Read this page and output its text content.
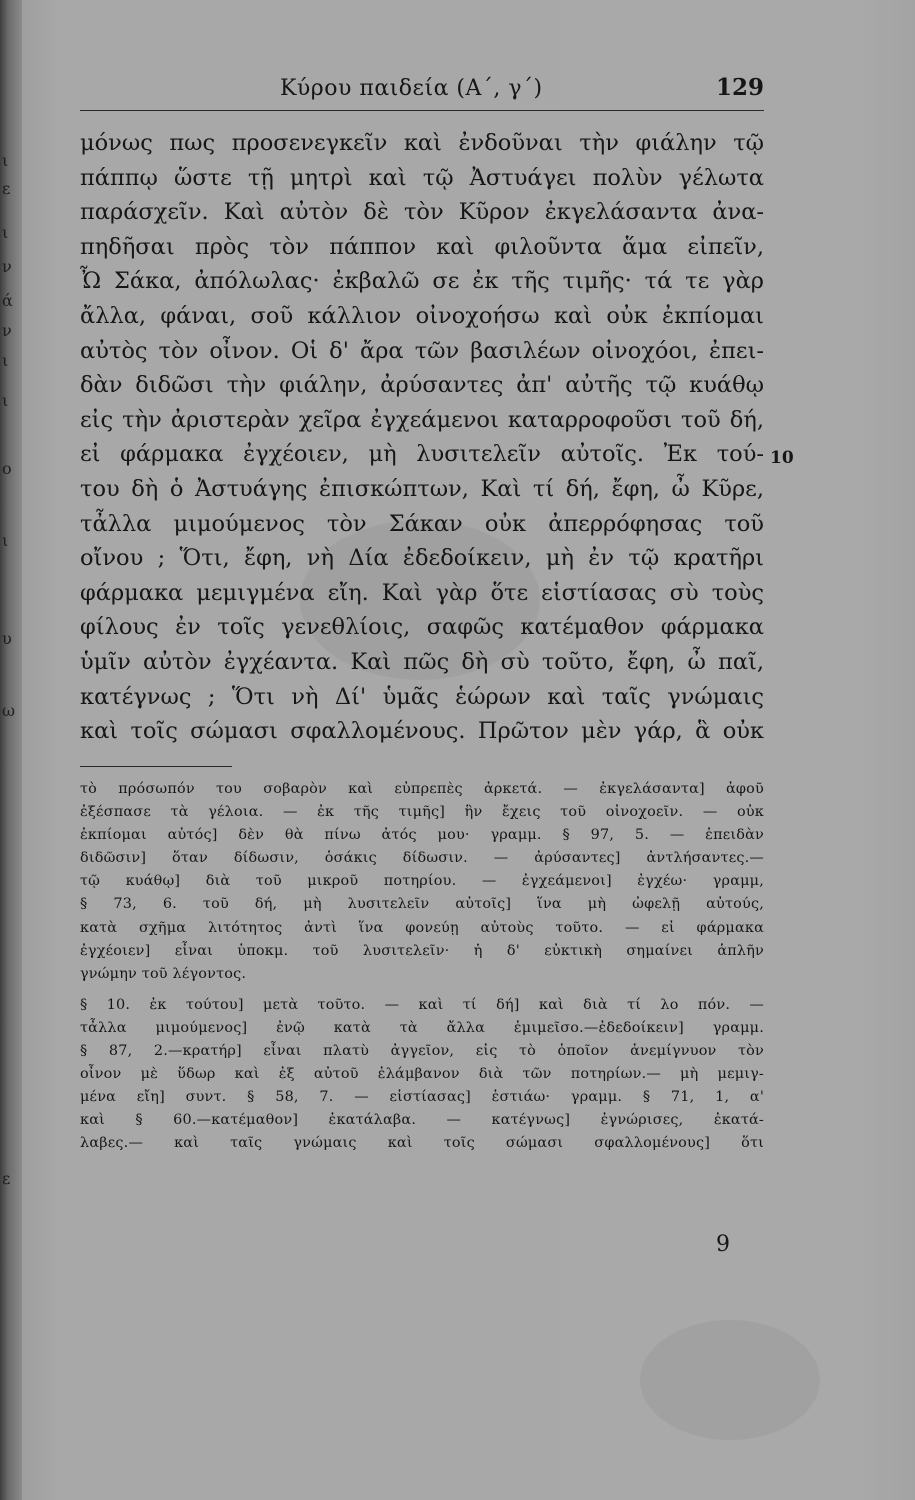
ι
ε
ι
ν
ά
ν
ι
ι
ο
ι
υ
ω
ε
Κύρου παιδεία (Α΄, γ΄)	129
μόνως πως προσενεγκεῖν καὶ ἐνδοῦναι τὴν φιάλην τῷ
πάππῳ ὥστε τῇ μητρὶ καὶ τῷ Ἀστυάγει πολὺν γέλωτα
παράσχεῖν. Καὶ αὐτὸν δὲ τὸν Κῦρον ἐκγελάσαντα ἀνα-
πηδῆσαι πρὸς τὸν πάππον καὶ φιλοῦντα ἅμα εἰπεῖν,
Ὦ Σάκα, ἀπόλωλας· ἐκβαλῶ σε ἐκ τῆς τιμῆς· τά τε γὰρ
ἄλλα, φάναι, σοῦ κάλλιον οἰνοχοήσω καὶ οὐκ ἐκπίομαι
αὐτὸς τὸν οἶνον. Οἱ δ' ἄρα τῶν βασιλέων οἰνοχόοι, ἐπει-
δὰν διδῶσι τὴν φιάλην, ἀρύσαντες ἀπ' αὐτῆς τῷ κυάθῳ
εἰς τὴν ἀριστερὰν χεῖρα ἐγχεάμενοι καταρροφοῦσι τοῦ δή,
εἰ φάρμακα ἐγχέοιεν, μὴ λυσιτελεῖν αὐτοῖς. Ἐκ τού-
του δὴ ὁ Ἀστυάγης ἐπισκώπτων, Καὶ τί δή, ἔφη, ὦ Κῦρε,
τἆλλα μιμούμενος τὸν Σάκαν οὐκ ἀπερρόφησας τοῦ
οἴνου ; Ὅτι, ἔφη, νὴ Δία ἐδεδοίκειν, μὴ ἐν τῷ κρατῆρι
φάρμακα μεμιγμένα εἴη. Καὶ γὰρ ὅτε εἱστίασας σὺ τοὺς
φίλους ἐν τοῖς γενεθλίοις, σαφῶς κατέμαθον φάρμακα
ὑμῖν αὐτὸν ἐγχέαντα. Καὶ πῶς δὴ σὺ τοῦτο, ἔφη, ὦ παῖ,
κατέγνως ; Ὅτι νὴ Δί' ὑμᾶς ἑώρων καὶ ταῖς γνώμαις
καὶ τοῖς σώμασι σφαλλομένους. Πρῶτον μὲν γάρ, ἃ οὐκ
10
τὸ πρόσωπόν του σοβαρὸν καὶ εὐπρεπὲς ἀρκετά. — ἐκγελάσαντα] ἀφοῦ
ἐξέσπασε τὰ γέλοια. — ἐκ τῆς τιμῆς] ἣν ἔχεις τοῦ οἰνοχοεῖν. — οὐκ
ἐκπίομαι αὐτός] δὲν θὰ πίνω ἀτός μου· γραμμ. § 97, 5. — ἐπειδὰν
διδῶσιν] ὅταν δίδωσιν, ὁσάκις δίδωσιν. — ἀρύσαντες] ἀντλήσαντες.—
τῷ κυάθῳ] διὰ τοῦ μικροῦ ποτηρίου. — ἐγχεάμενοι] ἐγχέω· γραμμ,
§ 73, 6. τοῦ δή, μὴ λυσιτελεῖν αὐτοῖς] ἵνα μὴ ὠφελῇ αὐτούς,
κατὰ σχῆμα λιτότητος ἀντὶ ἵνα φονεύῃ αὐτοὺς τοῦτο. — εἰ φάρμακα
ἐγχέοιεν] εἶναι ὑποκμ. τοῦ λυσιτελεῖν· ἡ δ' εὐκτικὴ σημαίνει ἁπλῆν
γνώμην τοῦ λέγοντος.
§ 10. ἐκ τούτου] μετὰ τοῦτο. — καὶ τί δή] καὶ διὰ τί λο πόν. —
τἆλλα μιμούμενος] ἐνῷ κατὰ τὰ ἄλλα ἐμιμεῖσο.—ἐδεδοίκειν] γραμμ.
§ 87, 2.—κρατήρ] εἶναι πλατὺ ἀγγεῖον, εἰς τὸ ὁποῖον ἀνεμίγνυον τὸν
οἶνον μὲ ὕδωρ καὶ ἐξ αὐτοῦ ἐλάμβανον διὰ τῶν ποτηρίων.— μὴ μεμιγ-
μένα εἴη] συντ. § 58, 7. — εἱστίασας] ἑστιάω· γραμμ. § 71, 1, α'
καὶ § 60.—κατέμαθον] ἐκατάλαβα. — κατέγνως] ἐγνώρισες, ἐκατά-
λαβες.— καὶ ταῖς γνώμαις καὶ τοῖς σώμασι σφαλλομένους] ὅτι
9
